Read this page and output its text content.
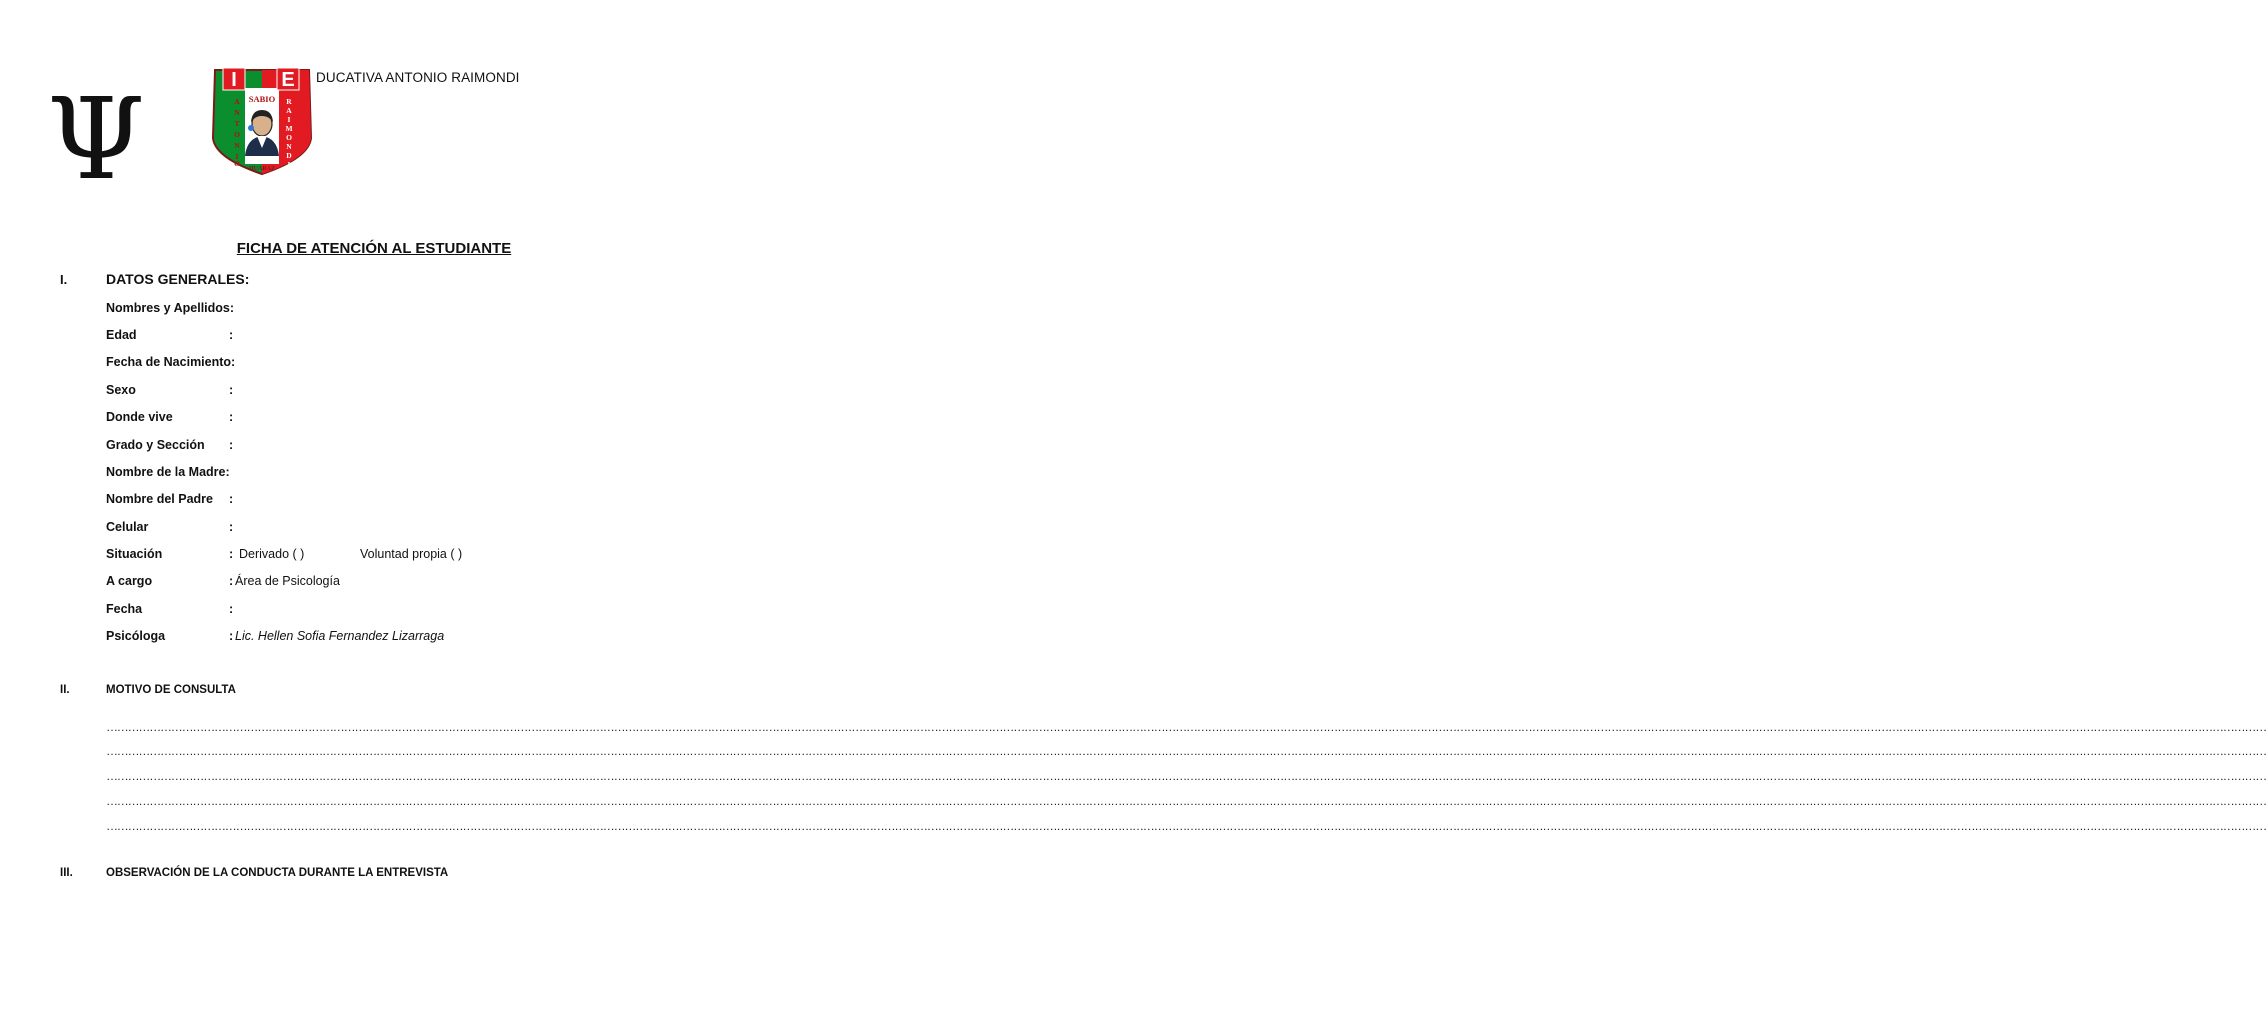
Ψ	I E
SABIO
A
N
T
O
N
I
O
R
A
I
M
O
N
D
I
HUARAZ
DUCATIVA ANTONIO RAIMONDI
FICHA DE ATENCIÓN AL ESTUDIANTE
I.	DATOS GENERALES:
Nombres y Apellidos:
Edad	:
Fecha de Nacimiento:
Sexo	:
Donde vive	:
Grado y Sección :
Nombre de la Madre:
Nombre del Padre :
Celular	:
Situación	: Derivado ( )	Voluntad propia ( )
A cargo	: Área de Psicología
Fecha	:
Psicóloga	: Lic. Hellen Sofia Fernandez Lizarraga
II.	MOTIVO DE CONSULTA
……………………………………………………………………………………………………………………………………………………………………………………………………………………………………………………………………………………………………………………………………………………………………………………………………………………………………………………………………………………………………………………………………………………
……………………………………………………………………………………………………………………………………………………………………………………………………………………………………………………………………………………………………………………………………………………………………………………………………………………………………………………………………………………………………………………………………………………
……………………………………………………………………………………………………………………………………………………………………………………………………………………………………………………………………………………………………………………………………………………………………………………………………………………………………………………………………………………………………………………………………………………
……………………………………………………………………………………………………………………………………………………………………………………………………………………………………………………………………………………………………………………………………………………………………………………………………………………………………………………………………………………………………………………………………………………
……………………………………………………………………………………………………………………………………………………………………………………………………………………………………………………………………………………………………………………………………………………………………………………………………………………………………………………………………………………………………………………………………………………
III.	OBSERVACIÓN DE LA CONDUCTA DURANTE LA ENTREVISTA
